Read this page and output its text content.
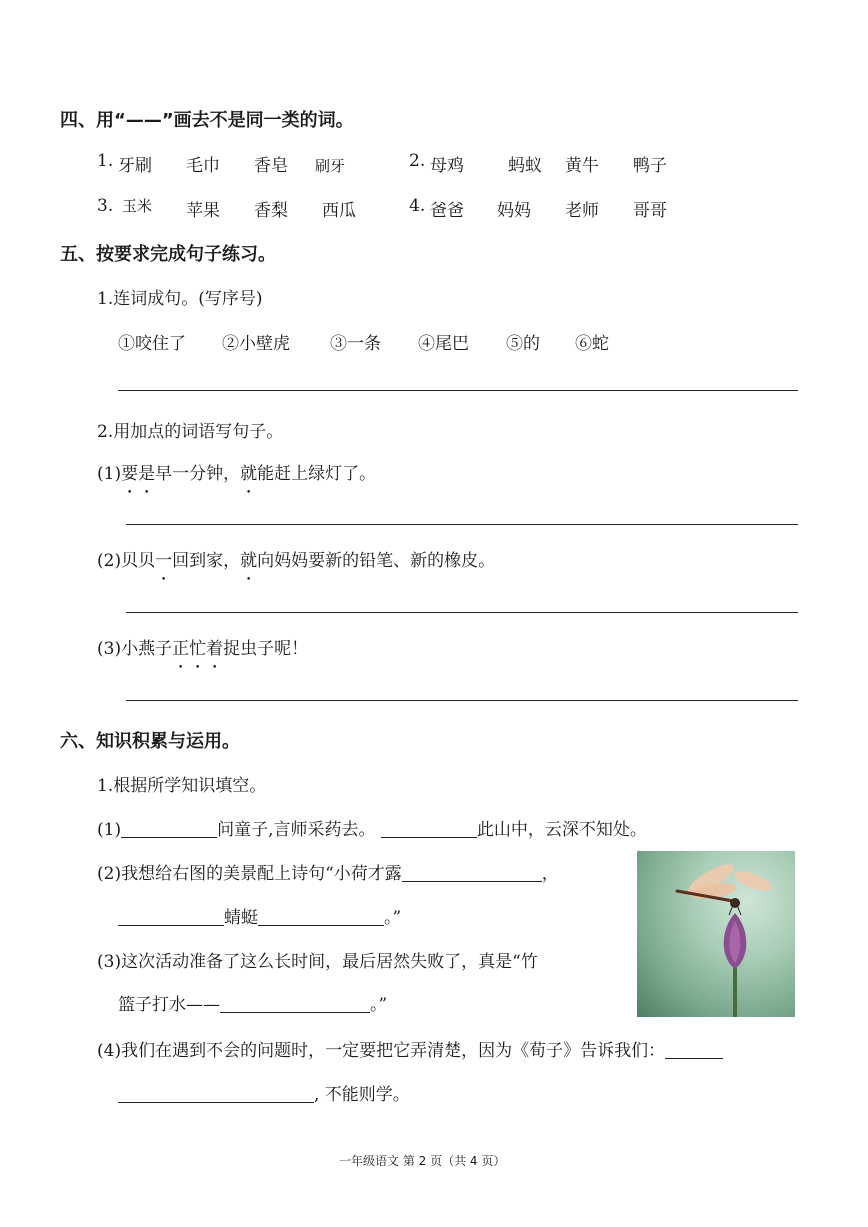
四、用“——”画去不是同一类的词。
1. 牙刷 毛巾 香皂 刷牙	2. 母鸡	蚂蚁 黄牛 鸭子
3. 玉米 苹果 香梨 西瓜	4. 爸爸 妈妈 老师 哥哥
五、按要求完成句子练习。
1.连词成句。(写序号)
①咬住了 ②小壁虎 ③一条 ④尾巴 ⑤的 ⑥蛇
2.用加点的词语写句子。
(1)要是早一分钟，就能赶上绿灯了。
(2)贝贝一回到家，就向妈妈要新的铅笔、新的橡皮。
(3)小燕子正忙着捉虫子呢！
六、知识积累与运用。
1.根据所学知识填空。
(1)	问童子,言师采药去。	此山中，云深不知处。
(2)我想给右图的美景配上诗句“小荷才露	，
蜻蜓	。”
(3)这次活动准备了这么长时间，最后居然失败了，真是“竹
篮子打水——	。”
(4)我们在遇到不会的问题时，一定要把它弄清楚，因为《荀子》告诉我们：
, 不能则学。
一年级语文 第 2 页（共 4 页）
